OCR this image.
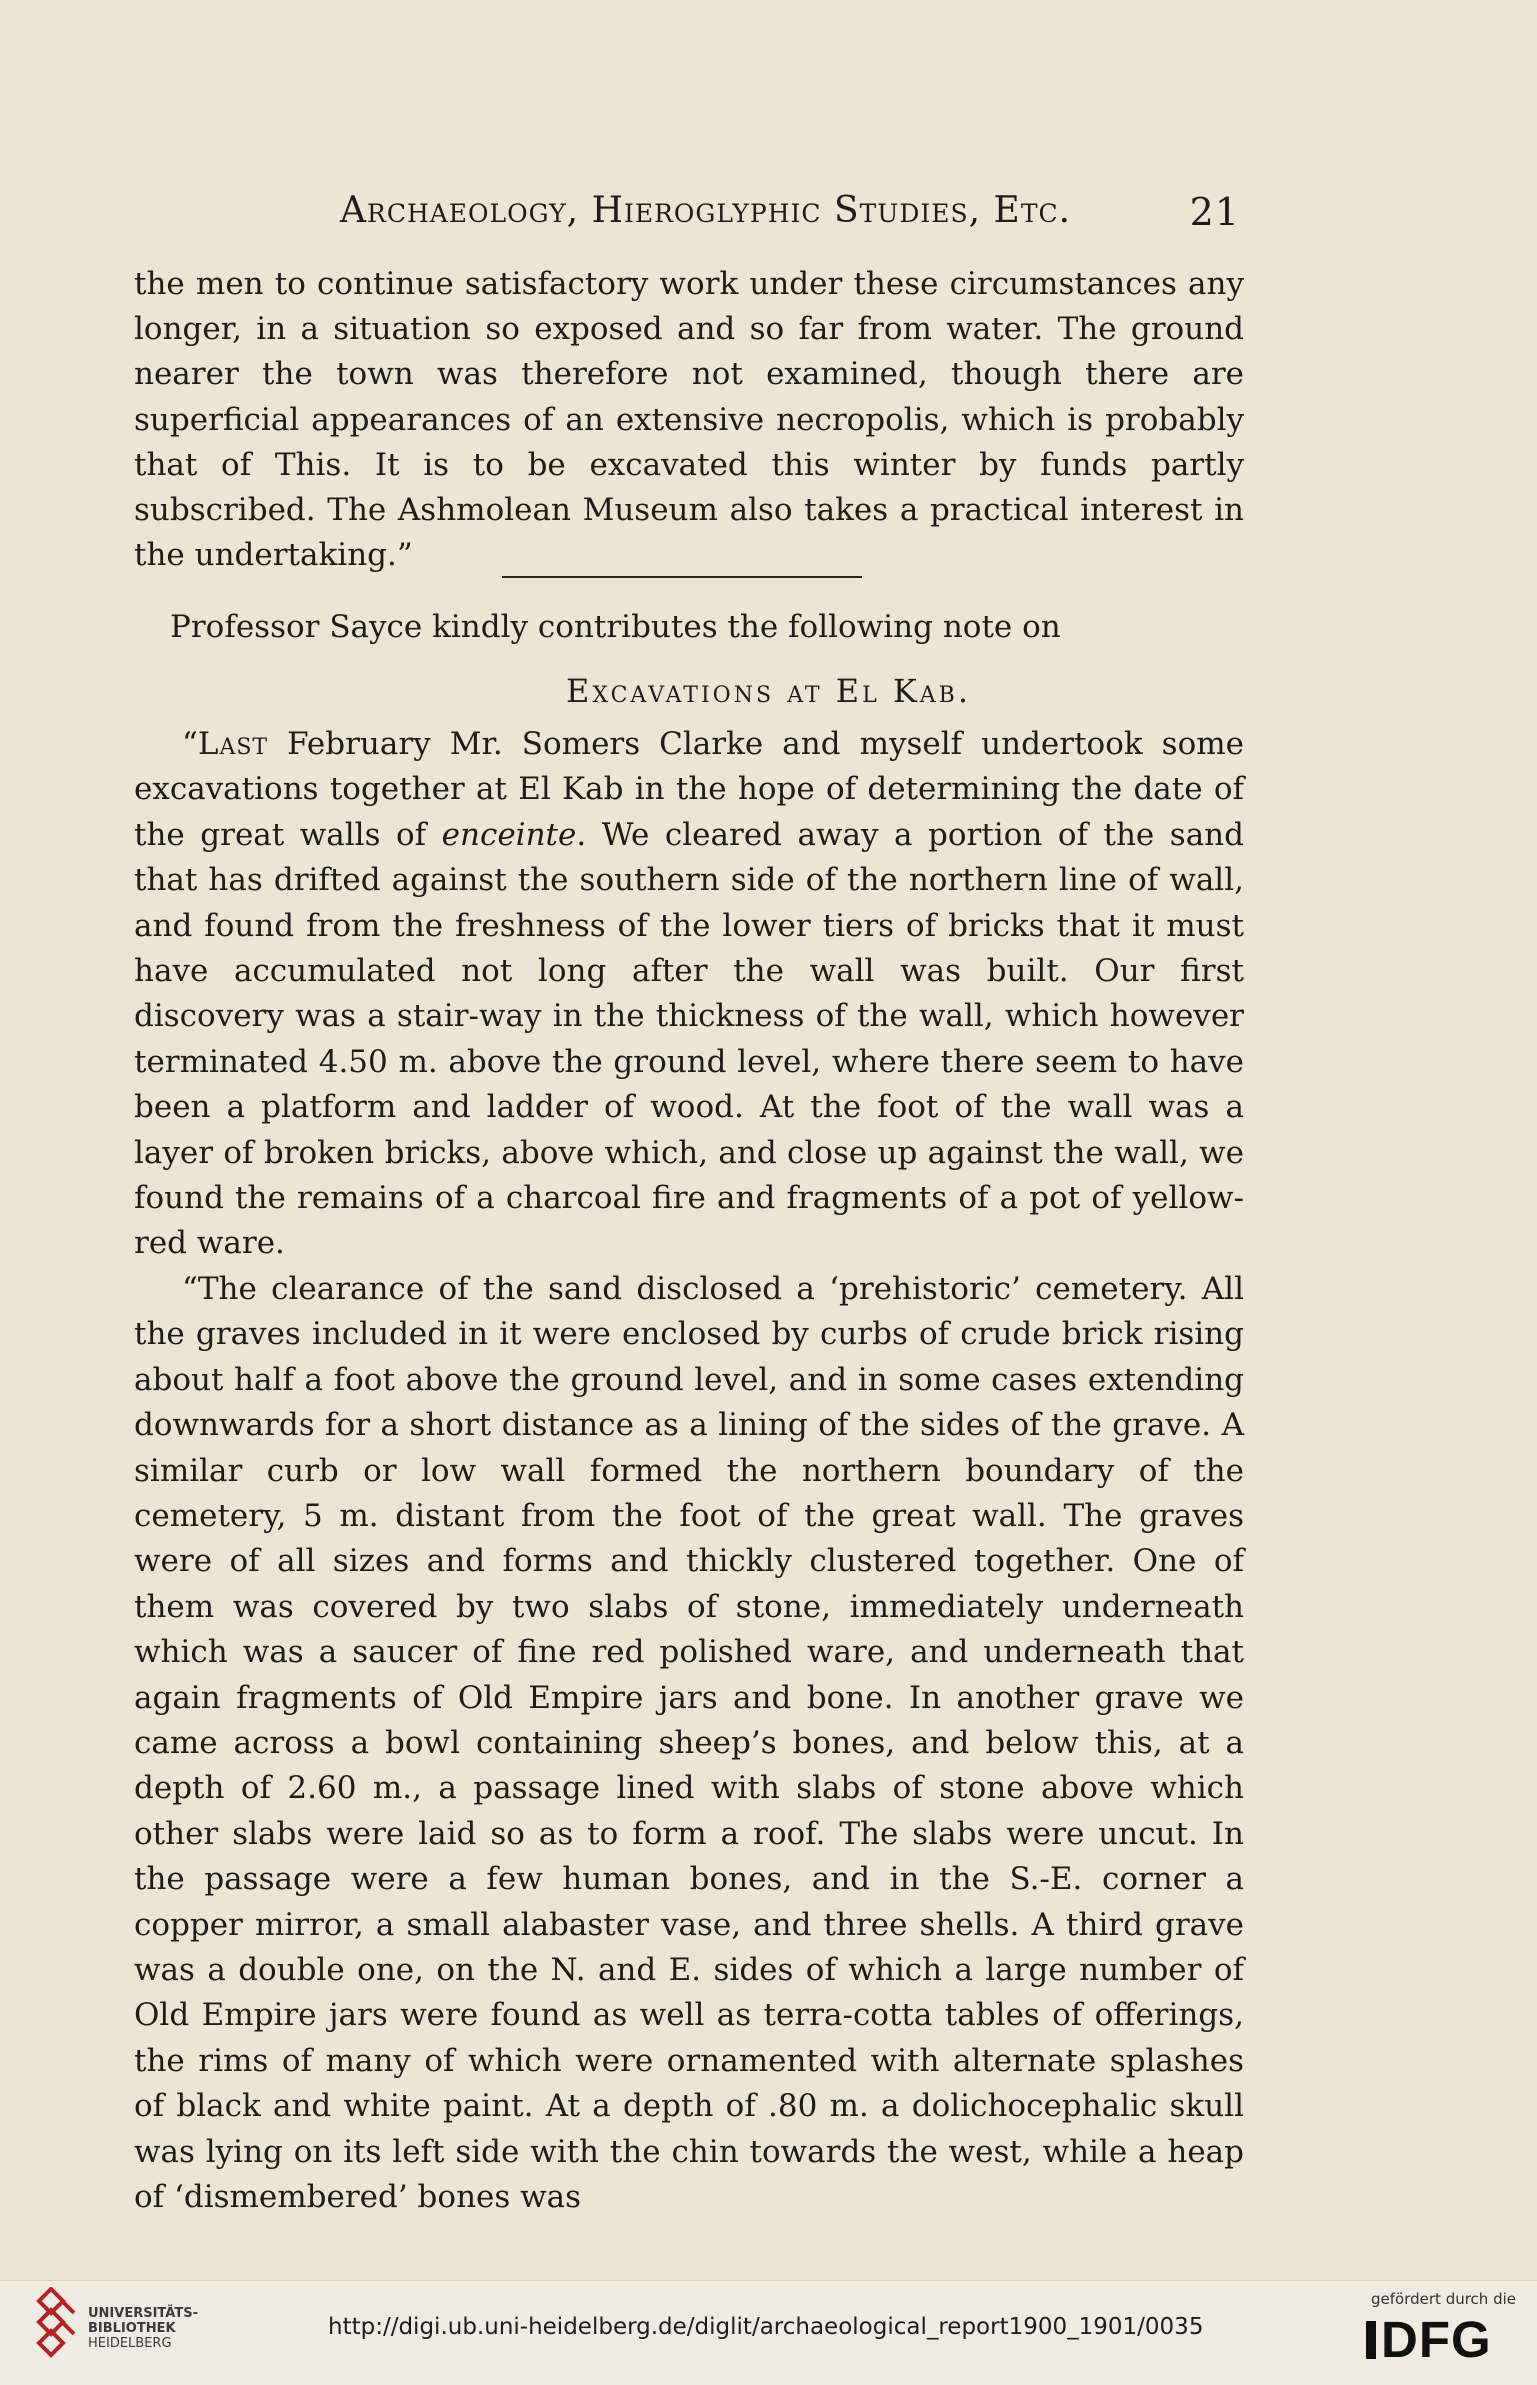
Archaeology, Hieroglyphic Studies, Etc.	21

the men to continue satisfactory work under these circumstances any longer, in a situation so exposed and so far from water. The ground nearer the town was therefore not examined, though there are superficial appearances of an extensive necropolis, which is probably that of This. It is to be excavated this winter by funds partly subscribed. The Ashmolean Museum also takes a practical interest in the undertaking.”

Professor Sayce kindly contributes the following note on
Excavations at El Kab.

“Last February Mr. Somers Clarke and myself undertook some excavations together at El Kab in the hope of determining the date of the great walls of enceinte. We cleared away a portion of the sand that has drifted against the southern side of the northern line of wall, and found from the freshness of the lower tiers of bricks that it must have accumulated not long after the wall was built. Our first discovery was a stair-way in the thickness of the wall, which however terminated 4.50 m. above the ground level, where there seem to have been a platform and ladder of wood. At the foot of the wall was a layer of broken bricks, above which, and close up against the wall, we found the remains of a charcoal fire and fragments of a pot of yellow-red ware.

“The clearance of the sand disclosed a ‘prehistoric’ cemetery. All the graves included in it were enclosed by curbs of crude brick rising about half a foot above the ground level, and in some cases extending downwards for a short distance as a lining of the sides of the grave. A similar curb or low wall formed the northern boundary of the cemetery, 5 m. distant from the foot of the great wall. The graves were of all sizes and forms and thickly clustered together. One of them was covered by two slabs of stone, immediately underneath which was a saucer of fine red polished ware, and underneath that again fragments of Old Empire jars and bone. In another grave we came across a bowl containing sheep’s bones, and below this, at a depth of 2.60 m., a passage lined with slabs of stone above which other slabs were laid so as to form a roof. The slabs were uncut. In the passage were a few human bones, and in the S.-E. corner a copper mirror, a small alabaster vase, and three shells. A third grave was a double one, on the N. and E. sides of which a large number of Old Empire jars were found as well as terra-cotta tables of offerings, the rims of many of which were ornamented with alternate splashes of black and white paint. At a depth of .80 m. a dolichocephalic skull was lying on its left side with the chin towards the west, while a heap of ‘dismembered’ bones was

UNIVERSITÄTS-
BIBLIOTHEK
HEIDELBERG
http://digi.ub.uni-heidelberg.de/diglit/archaeological_report1900_1901/0035
gefördert durch die
DFG
